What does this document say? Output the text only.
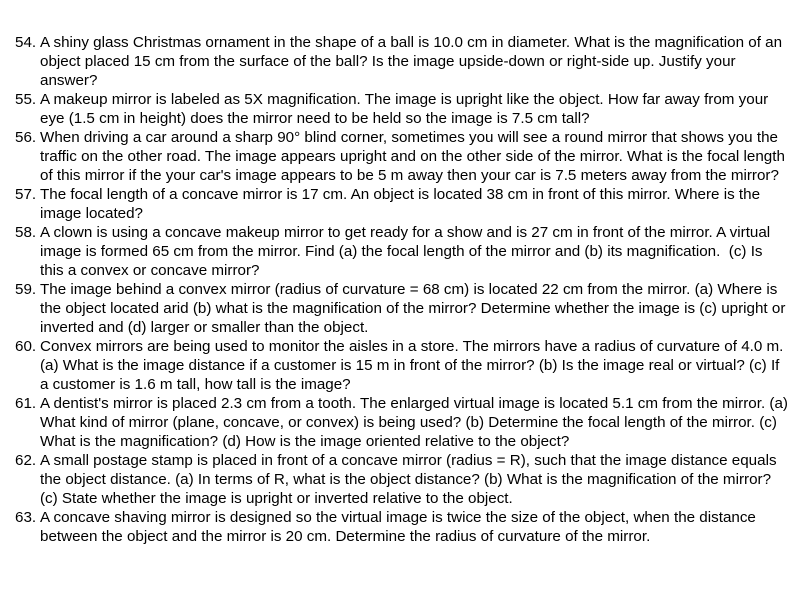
54. A shiny glass Christmas ornament in the shape of a ball is 10.0 cm in diameter. What is the magnification of an object placed 15 cm from the surface of the ball? Is the image upside-down or right-side up. Justify your answer?
55. A makeup mirror is labeled as 5X magnification. The image is upright like the object. How far away from your eye (1.5 cm in height) does the mirror need to be held so the image is 7.5 cm tall?
56. When driving a car around a sharp 90° blind corner, sometimes you will see a round mirror that shows you the traffic on the other road. The image appears upright and on the other side of the mirror. What is the focal length of this mirror if the your car's image appears to be 5 m away then your car is 7.5 meters away from the mirror?
57. The focal length of a concave mirror is 17 cm. An object is located 38 cm in front of this mirror. Where is the image located?
58. A clown is using a concave makeup mirror to get ready for a show and is 27 cm in front of the mirror. A virtual image is formed 65 cm from the mirror. Find (a) the focal length of the mirror and (b) its magnification.  (c) Is this a convex or concave mirror?
59. The image behind a convex mirror (radius of curvature = 68 cm) is located 22 cm from the mirror. (a) Where is the object located arid (b) what is the magnification of the mirror? Determine whether the image is (c) upright or inverted and (d) larger or smaller than the object.
60. Convex mirrors are being used to monitor the aisles in a store. The mirrors have a radius of curvature of 4.0 m. (a) What is the image distance if a customer is 15 m in front of the mirror? (b) Is the image real or virtual? (c) If a customer is 1.6 m tall, how tall is the image?
61. A dentist's mirror is placed 2.3 cm from a tooth. The enlarged virtual image is located 5.1 cm from the mirror. (a) What kind of mirror (plane, concave, or convex) is being used? (b) Determine the focal length of the mirror. (c) What is the magnification? (d) How is the image oriented relative to the object?
62. A small postage stamp is placed in front of a concave mirror (radius = R), such that the image distance equals the object distance. (a) In terms of R, what is the object distance? (b) What is the magnification of the mirror? (c) State whether the image is upright or inverted relative to the object.
63. A concave shaving mirror is designed so the virtual image is twice the size of the object, when the distance between the object and the mirror is 20 cm. Determine the radius of curvature of the mirror.
